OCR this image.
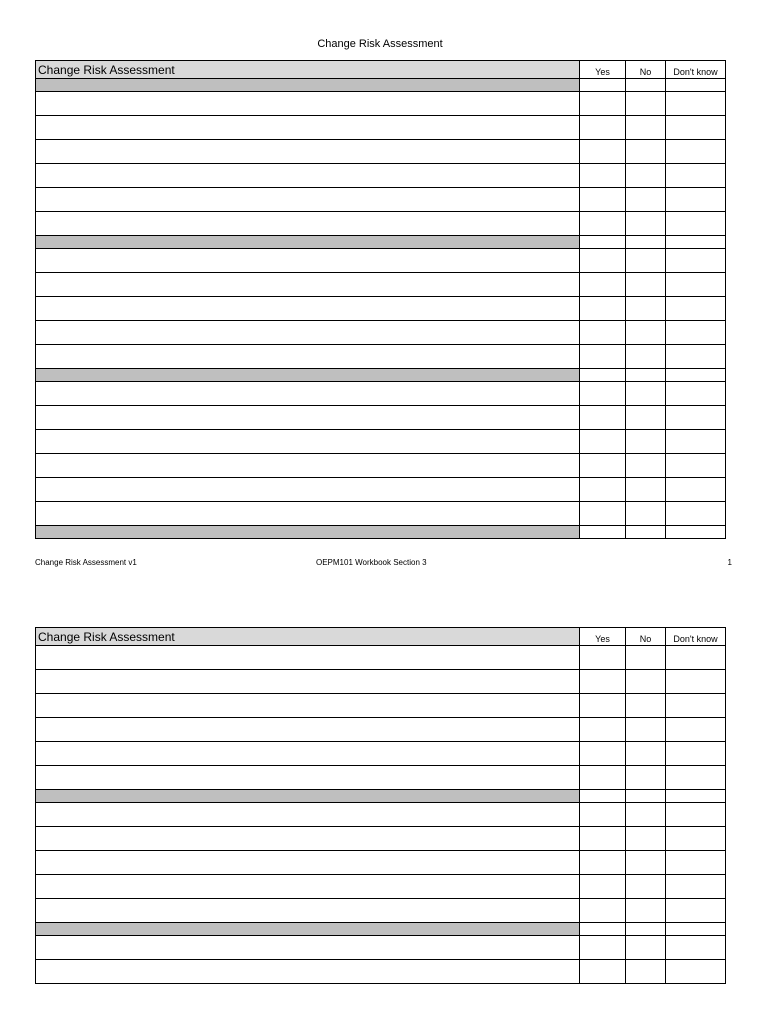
Change Risk Assessment
Change Risk Assessment	Yes	No	Don't know

Change Risk Assessment v1	OEPM101 Workbook Section 3	1
Change Risk Assessment	Yes	No	Don't know
